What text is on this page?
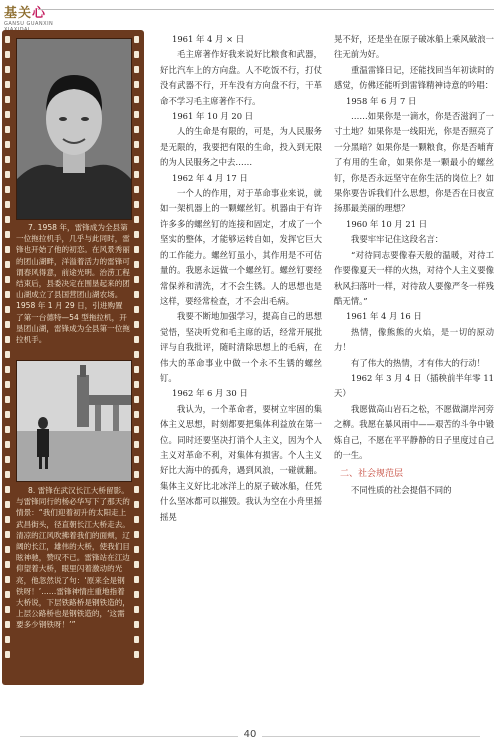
基关心
GANSU GUANXIN
7. 1958 年，雷锋成为全县第一位拖拉机手，几乎与此同时，雷锋也开始了他的初恋。在风景秀丽的团山湖畔，洋溢着活力的雷锋可谓春风得意，前途光明。治涝工程结束后，县委决定在围垦起来的团山湖成立了县国营团山湖农场。1958 年 1 月 29 日，引进购置了第一台德特—54 型拖拉机，开垦团山湖，雷锋成为全县第一位拖拉机手。
8. 雷锋在武汉长江大桥留影。与雷锋同行的杨必华写下了那天的情景：“我们迎着初升的太阳走上武昌街头，径直朝长江大桥走去。清凉的江风吹拂着我们的面颊，辽阔的长江，雄伟的大桥，使我们目眩神驰，赞叹不已。雷锋站在江边仰望着大桥，眼里闪着激动的光亮，他忽然说了句：‘原来全是钢铁呀！’……雷锋神情庄重地指着大桥说，下层铁路桥是钢铁造的，上层公路桥也是钢铁造的，‘这需要多少钢铁呀！’”

1961 年 4 月 × 日

毛主席著作好我来说好比粮食和武器，好比汽车上的方向盘。人不吃饭不行，打仗没有武器不行，开车没有方向盘不行，干革命不学习毛主席著作不行。

1961 年 10 月 20 日

人的生命是有限的，可是，为人民服务是无限的，我要把有限的生命，投入到无限的为人民服务之中去……

1962 年 4 月 17 日

一个人的作用，对于革命事业来说，就如一架机器上的一颗螺丝钉。机器由于有许许多多的螺丝钉的连接和固定，才成了一个坚实的整体，才能够运转自如，发挥它巨大的工作能力。螺丝钉虽小，其作用是不可估量的。我愿永远做一个螺丝钉。螺丝钉要经常保养和清洗，才不会生锈。人的思想也是这样，要经常检查，才不会出毛病。

我要不断地加强学习，提高自己的思想觉悟，坚决听党和毛主席的话，经常开展批评与自我批评，随时清除思想上的毛病，在伟大的革命事业中做一个永不生锈的螺丝钉。

1962 年 6 月 30 日

我认为，一个革命者，要树立牢固的集体主义思想，时刻都要把集体利益放在第一位。同时还要坚决打消个人主义，因为个人主义对革命不利，对集体有损害。个人主义好比大海中的孤舟，遇到风浪，一碰就翻。集体主义好比北冰洋上的原子破冰船，任凭什么坚冰都可以摧毁。我认为空在小舟里摇摇晃

晃不好，还是坐在原子破冰船上乘风破浪一往无前为好。

重温雷锋日记，还能找回当年初读时的感觉，仿佛还能听到雷锋精神诗意的吟唱：

1958 年 6 月 7 日

……如果你是一滴水，你是否滋润了一寸土地？如果你是一线阳光，你是否照亮了一分黑暗？如果你是一颗粮食，你是否哺育了有用的生命，如果你是一颗最小的螺丝钉，你是否永远坚守在你生活的岗位上？如果你要告诉我们什么思想，你是否在日夜宣扬那最美丽的理想？

1960 年 10 月 21 日

我要牢牢记住这段名言：

“对待同志要像春天般的温暖，对待工作要像夏天一样的火热，对待个人主义要像秋风扫落叶一样，对待敌人要像严冬一样残酷无情。”

1961 年 4 月 16 日

热情，像熊熊的火焰，是一切的原动力！

有了伟大的热情，才有伟大的行动！

1962 年 3 月 4 日（插秧前半年零 11 天）

我愿做高山岩石之松，不愿做湖岸河旁之柳。我愿在暴风雨中——艰苦的斗争中锻炼自己，不愿在平平静静的日子里度过自己的一生。

二、社会规范层

不同性质的社会提倡不同的

40
